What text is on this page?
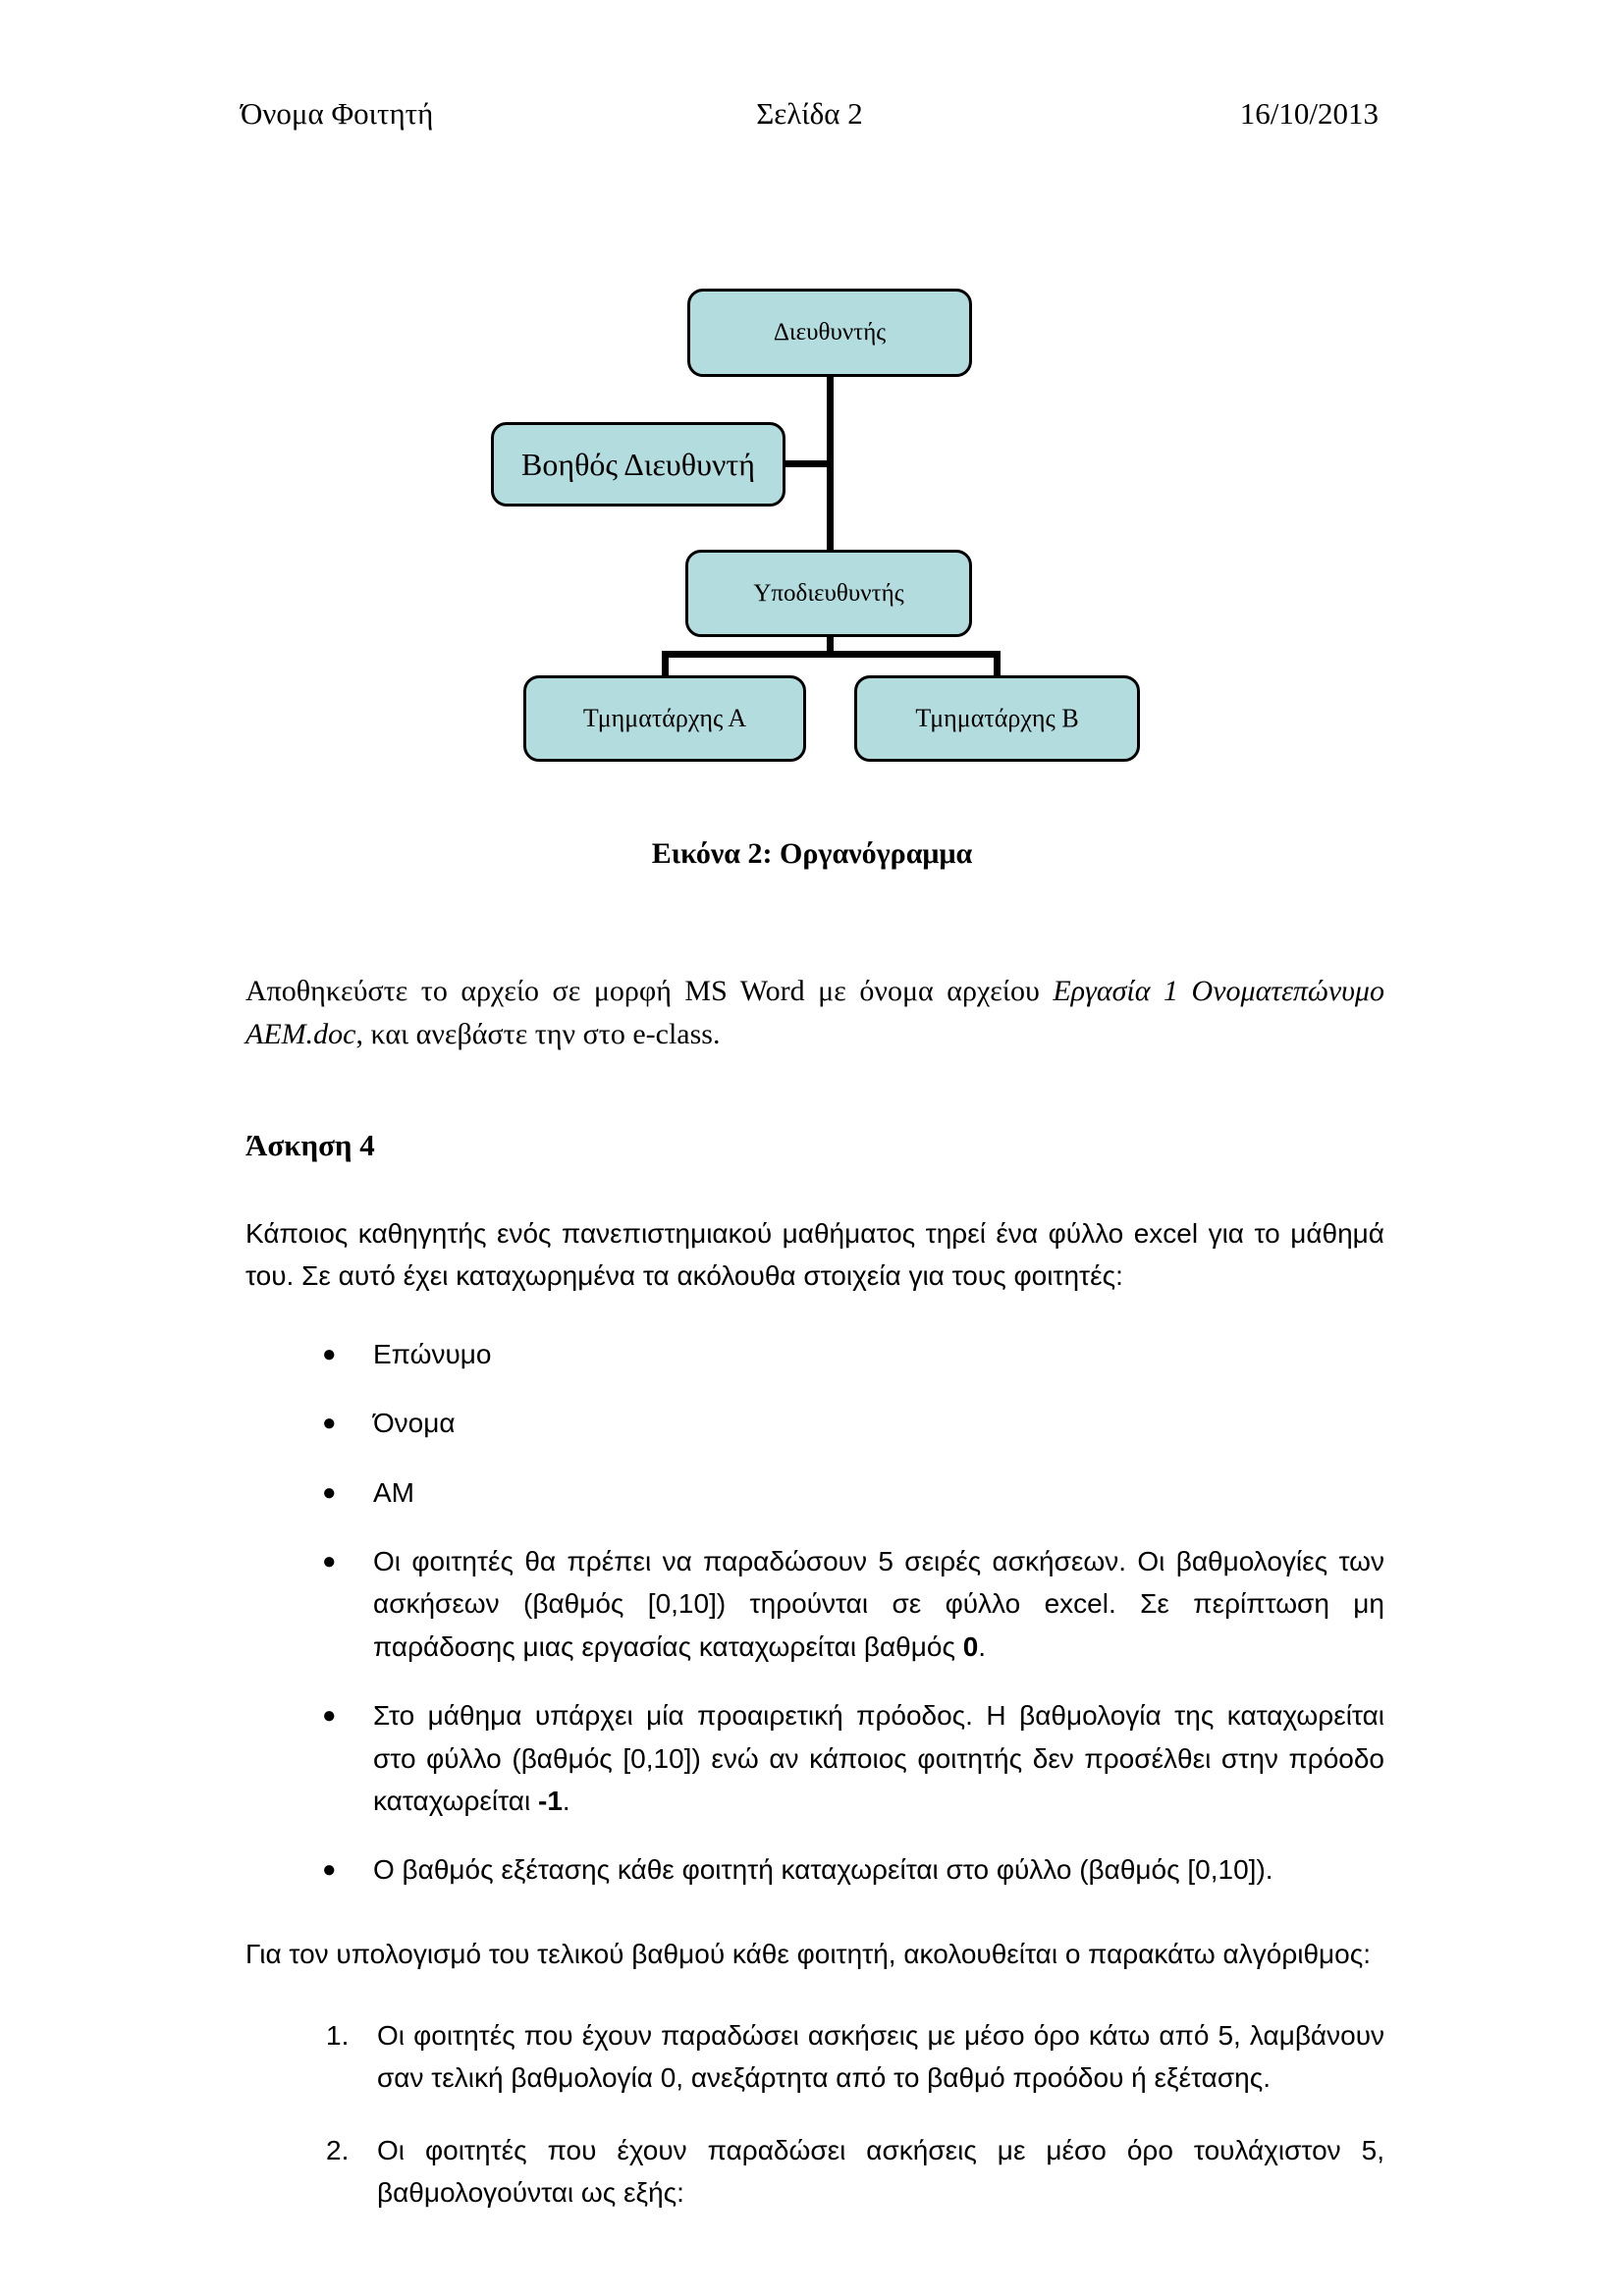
Όνομα Φοιτητή	Σελίδα 2	16/10/2013
Διευθυντής
Βοηθός Διευθυντή
Υποδιευθυντής
Τμηματάρχης Α	Τμηματάρχης Β
Εικόνα 2: Οργανόγραμμα

Αποθηκεύστε το αρχείο σε μορφή MS Word με όνομα αρχείου Εργασία 1 Ονοματεπώνυμο ΑΕΜ.doc, και ανεβάστε την στο e-class.

Άσκηση 4

Κάποιος καθηγητής ενός πανεπιστημιακού μαθήματος τηρεί ένα φύλλο excel για το μάθημά του. Σε αυτό έχει καταχωρημένα τα ακόλουθα στοιχεία για τους φοιτητές:

●	Επώνυμο
●	Όνομα
●	ΑΜ
●	Οι φοιτητές θα πρέπει να παραδώσουν 5 σειρές ασκήσεων. Οι βαθμολογίες των ασκήσεων (βαθμός [0,10]) τηρούνται σε φύλλο excel. Σε περίπτωση μη παράδοσης μιας εργασίας καταχωρείται βαθμός 0.
●	Στο μάθημα υπάρχει μία προαιρετική πρόοδος. Η βαθμολογία της καταχωρείται στο φύλλο (βαθμός [0,10]) ενώ αν κάποιος φοιτητής δεν προσέλθει στην πρόοδο καταχωρείται -1.
●	Ο βαθμός εξέτασης κάθε φοιτητή καταχωρείται στο φύλλο (βαθμός [0,10]).

Για τον υπολογισμό του τελικού βαθμού κάθε φοιτητή, ακολουθείται ο παρακάτω αλγόριθμος:

1.	Οι φοιτητές που έχουν παραδώσει ασκήσεις με μέσο όρο κάτω από 5, λαμβάνουν σαν τελική βαθμολογία 0, ανεξάρτητα από το βαθμό προόδου ή εξέτασης.
2.	Οι φοιτητές που έχουν παραδώσει ασκήσεις με μέσο όρο τουλάχιστον 5, βαθμολογούνται ως εξής:
